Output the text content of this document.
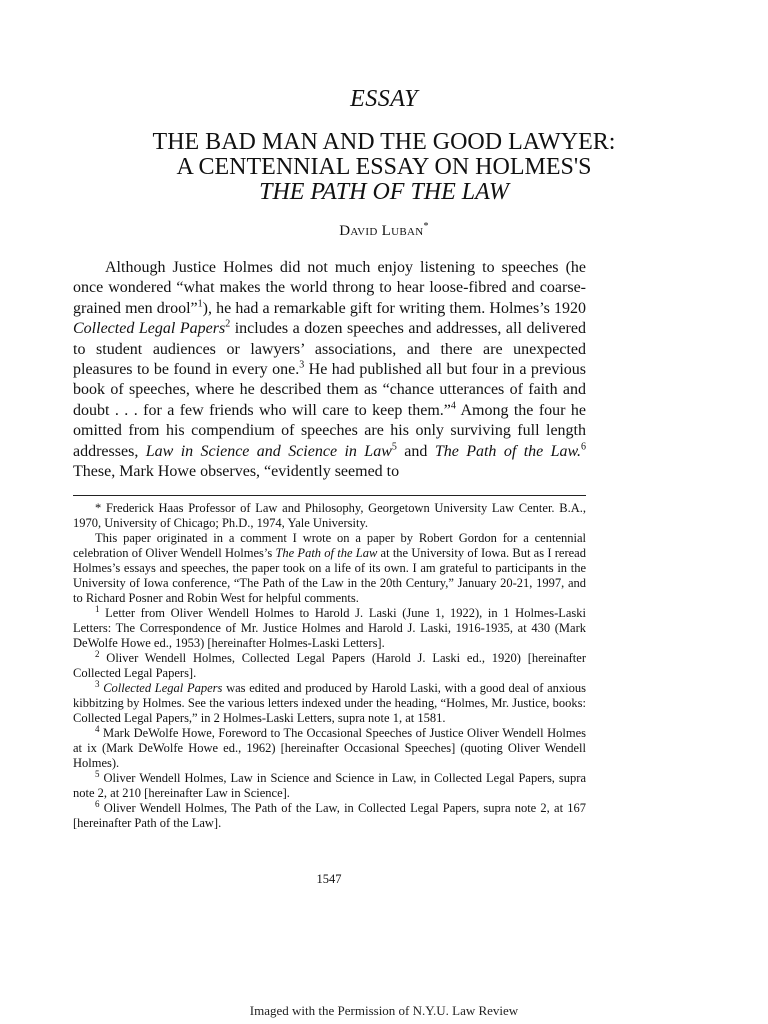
ESSAY
THE BAD MAN AND THE GOOD LAWYER:
A CENTENNIAL ESSAY ON HOLMES'S
THE PATH OF THE LAW
David Luban*

Although Justice Holmes did not much enjoy listening to speeches (he once wondered “what makes the world throng to hear loose-fibred and coarse-grained men drool”$^1$), he had a remarkable gift for writing them. Holmes’s 1920 Collected Legal Papers$^2$ includes a dozen speeches and addresses, all delivered to student audiences or lawyers’ associations, and there are unexpected pleasures to be found in every one.$^3$ He had published all but four in a previous book of speeches, where he described them as “chance utterances of faith and doubt . . . for a few friends who will care to keep them.”$^4$ Among the four he omitted from his compendium of speeches are his only surviving full length addresses, Law in Science and Science in Law$^5$ and The Path of the Law.$^6$ These, Mark Howe observes, “evidently seemed to

* Frederick Haas Professor of Law and Philosophy, Georgetown University Law Center. B.A., 1970, University of Chicago; Ph.D., 1974, Yale University.

This paper originated in a comment I wrote on a paper by Robert Gordon for a centennial celebration of Oliver Wendell Holmes’s The Path of the Law at the University of Iowa. But as I reread Holmes’s essays and speeches, the paper took on a life of its own. I am grateful to participants in the University of Iowa conference, “The Path of the Law in the 20th Century,” January 20-21, 1997, and to Richard Posner and Robin West for helpful comments.

$^1$ Letter from Oliver Wendell Holmes to Harold J. Laski (June 1, 1922), in 1 Holmes-Laski Letters: The Correspondence of Mr. Justice Holmes and Harold J. Laski, 1916-1935, at 430 (Mark DeWolfe Howe ed., 1953) [hereinafter Holmes-Laski Letters].

$^2$ Oliver Wendell Holmes, Collected Legal Papers (Harold J. Laski ed., 1920) [hereinafter Collected Legal Papers].

$^3$ Collected Legal Papers was edited and produced by Harold Laski, with a good deal of anxious kibbitzing by Holmes. See the various letters indexed under the heading, “Holmes, Mr. Justice, books: Collected Legal Papers,” in 2 Holmes-Laski Letters, supra note 1, at 1581.

$^4$ Mark DeWolfe Howe, Foreword to The Occasional Speeches of Justice Oliver Wendell Holmes at ix (Mark DeWolfe Howe ed., 1962) [hereinafter Occasional Speeches] (quoting Oliver Wendell Holmes).

$^5$ Oliver Wendell Holmes, Law in Science and Science in Law, in Collected Legal Papers, supra note 2, at 210 [hereinafter Law in Science].

$^6$ Oliver Wendell Holmes, The Path of the Law, in Collected Legal Papers, supra note 2, at 167 [hereinafter Path of the Law].

1547
Imaged with the Permission of N.Y.U. Law Review
